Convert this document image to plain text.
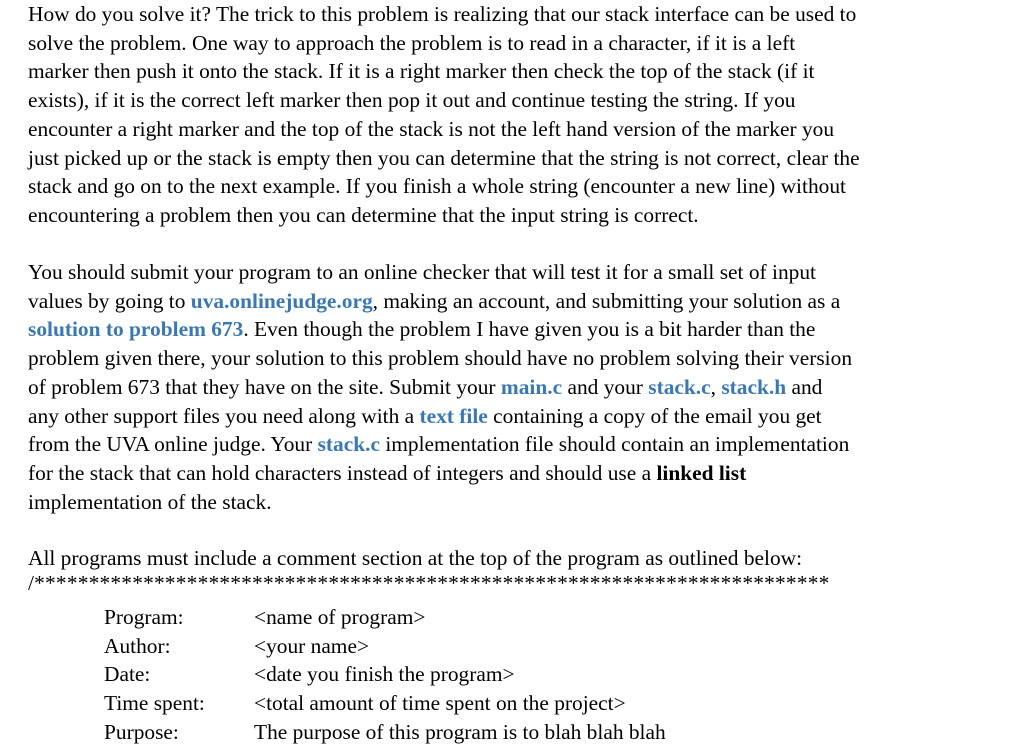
How do you solve it? The trick to this problem is realizing that our stack interface can be used to
solve the problem. One way to approach the problem is to read in a character, if it is a left
marker then push it onto the stack. If it is a right marker then check the top of the stack (if it
exists), if it is the correct left marker then pop it out and continue testing the string. If you
encounter a right marker and the top of the stack is not the left hand version of the marker you
just picked up or the stack is empty then you can determine that the string is not correct, clear the
stack and go on to the next example. If you finish a whole string (encounter a new line) without
encountering a problem then you can determine that the input string is correct.

You should submit your program to an online checker that will test it for a small set of input
values by going to uva.onlinejudge.org, making an account, and submitting your solution as a
solution to problem 673. Even though the problem I have given you is a bit harder than the
problem given there, your solution to this problem should have no problem solving their version
of problem 673 that they have on the site. Submit your main.c and your stack.c, stack.h and
any other support files you need along with a text file containing a copy of the email you get
from the UVA online judge. Your stack.c implementation file should contain an implementation
for the stack that can hold characters instead of integers and should use a linked list
implementation of the stack.

All programs must include a comment section at the top of the program as outlined below:
/*************************************************************************

Program:	<name of program>
Author:	<your name>
Date:	<date you finish the program>
Time spent:	<total amount of time spent on the project>
Purpose:	The purpose of this program is to blah blah blah
